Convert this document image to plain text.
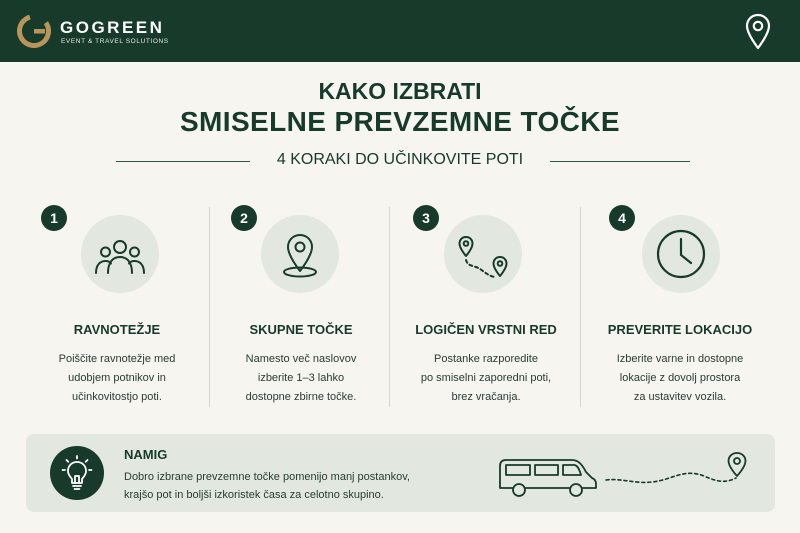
GOGREEN
EVENT & TRAVEL SOLUTIONS
KAKO IZBRATI
SMISELNE PREVZEMNE TOČKE
4 KORAKI DO UČINKOVITE POTI
1
RAVNOTEŽJE
Poiščite ravnotežje med
udobjem potnikov in
učinkovitostjo poti.
2
SKUPNE TOČKE
Namesto več naslovov
izberite 1–3 lahko
dostopne zbirne točke.
3
LOGIČEN VRSTNI RED
Postanke razporedite
po smiselni zaporedni poti,
brez vračanja.
4
PREVERITE LOKACIJO
Izberite varne in dostopne
lokacije z dovolj prostora
za ustavitev vozila.
NAMIG
Dobro izbrane prevzemne točke pomenijo manj postankov,
krajšo pot in boljši izkoristek časa za celotno skupino.
